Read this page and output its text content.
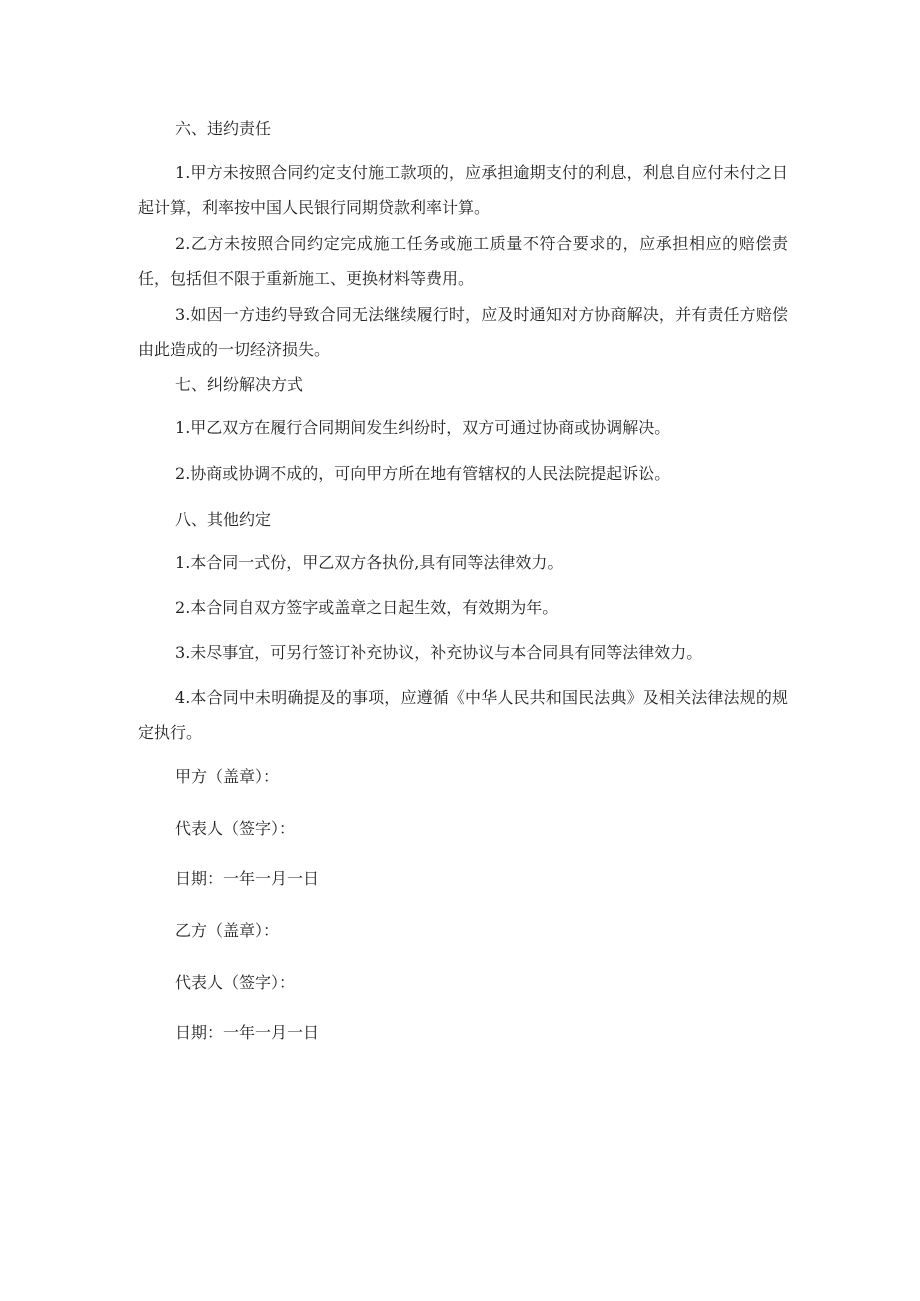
六、违约责任
1.甲方未按照合同约定支付施工款项的，应承担逾期支付的利息，利息自应付未付之日起计算，利率按中国人民银行同期贷款利率计算。
2.乙方未按照合同约定完成施工任务或施工质量不符合要求的，应承担相应的赔偿责任，包括但不限于重新施工、更换材料等费用。
3.如因一方违约导致合同无法继续履行时，应及时通知对方协商解决，并有责任方赔偿由此造成的一切经济损失。
七、纠纷解决方式
1.甲乙双方在履行合同期间发生纠纷时，双方可通过协商或协调解决。
2.协商或协调不成的，可向甲方所在地有管辖权的人民法院提起诉讼。
八、其他约定
1.本合同一式份，甲乙双方各执份,具有同等法律效力。
2.本合同自双方签字或盖章之日起生效，有效期为年。
3.未尽事宜，可另行签订补充协议，补充协议与本合同具有同等法律效力。
4.本合同中未明确提及的事项，应遵循《中华人民共和国民法典》及相关法律法规的规定执行。
甲方（盖章）：
代表人（签字）：
日期：一年一月一日
乙方（盖章）：
代表人（签字）：
日期：一年一月一日
